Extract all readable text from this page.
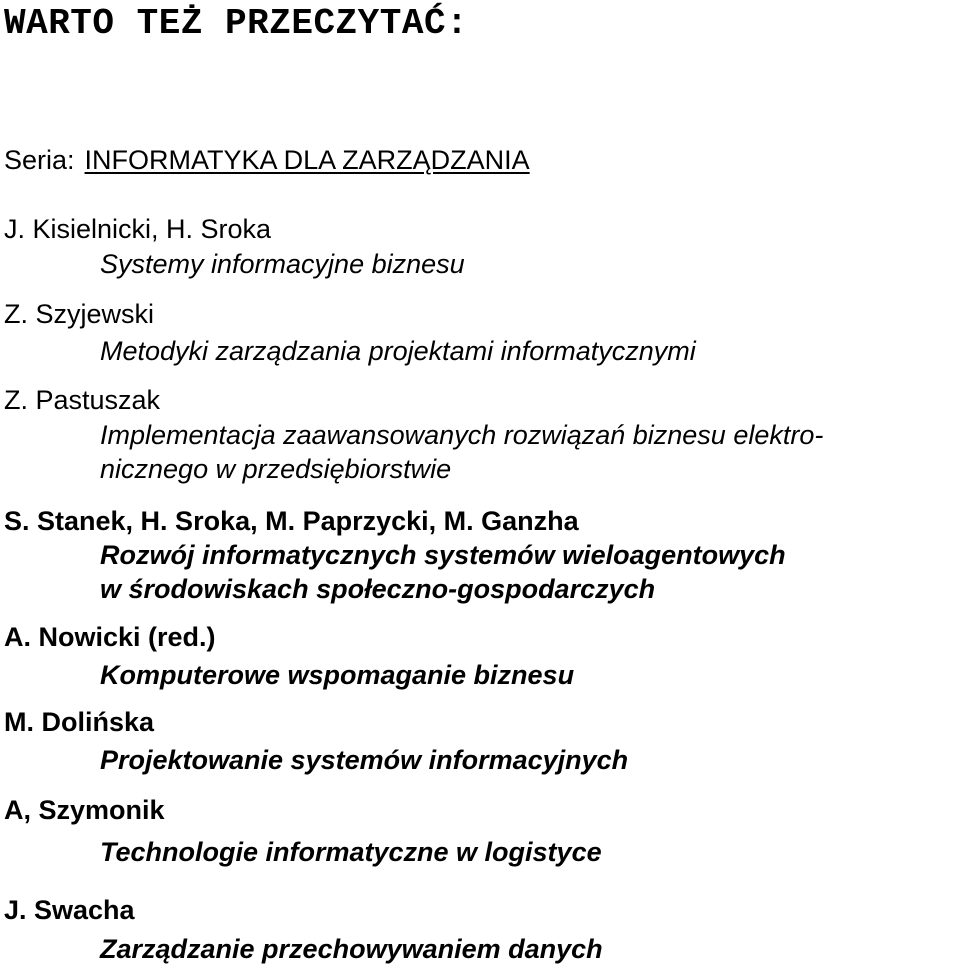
WARTO TEŻ PRZECZYTAĆ:
Seria: INFORMATYKA DLA ZARZĄDZANIA
J. Kisielnicki, H. Sroka
Systemy informacyjne biznesu
Z. Szyjewski
Metodyki zarządzania projektami informatycznymi
Z. Pastuszak
Implementacja zaawansowanych rozwiązań biznesu elektro-
nicznego w przedsiębiorstwie
S. Stanek, H. Sroka, M. Paprzycki, M. Ganzha
Rozwój informatycznych systemów wieloagentowych
w środowiskach społeczno-gospodarczych
A. Nowicki (red.)
Komputerowe wspomaganie biznesu
M. Dolińska
Projektowanie systemów informacyjnych
A, Szymonik
Technologie informatyczne w logistyce
J. Swacha
Zarządzanie przechowywaniem danych
